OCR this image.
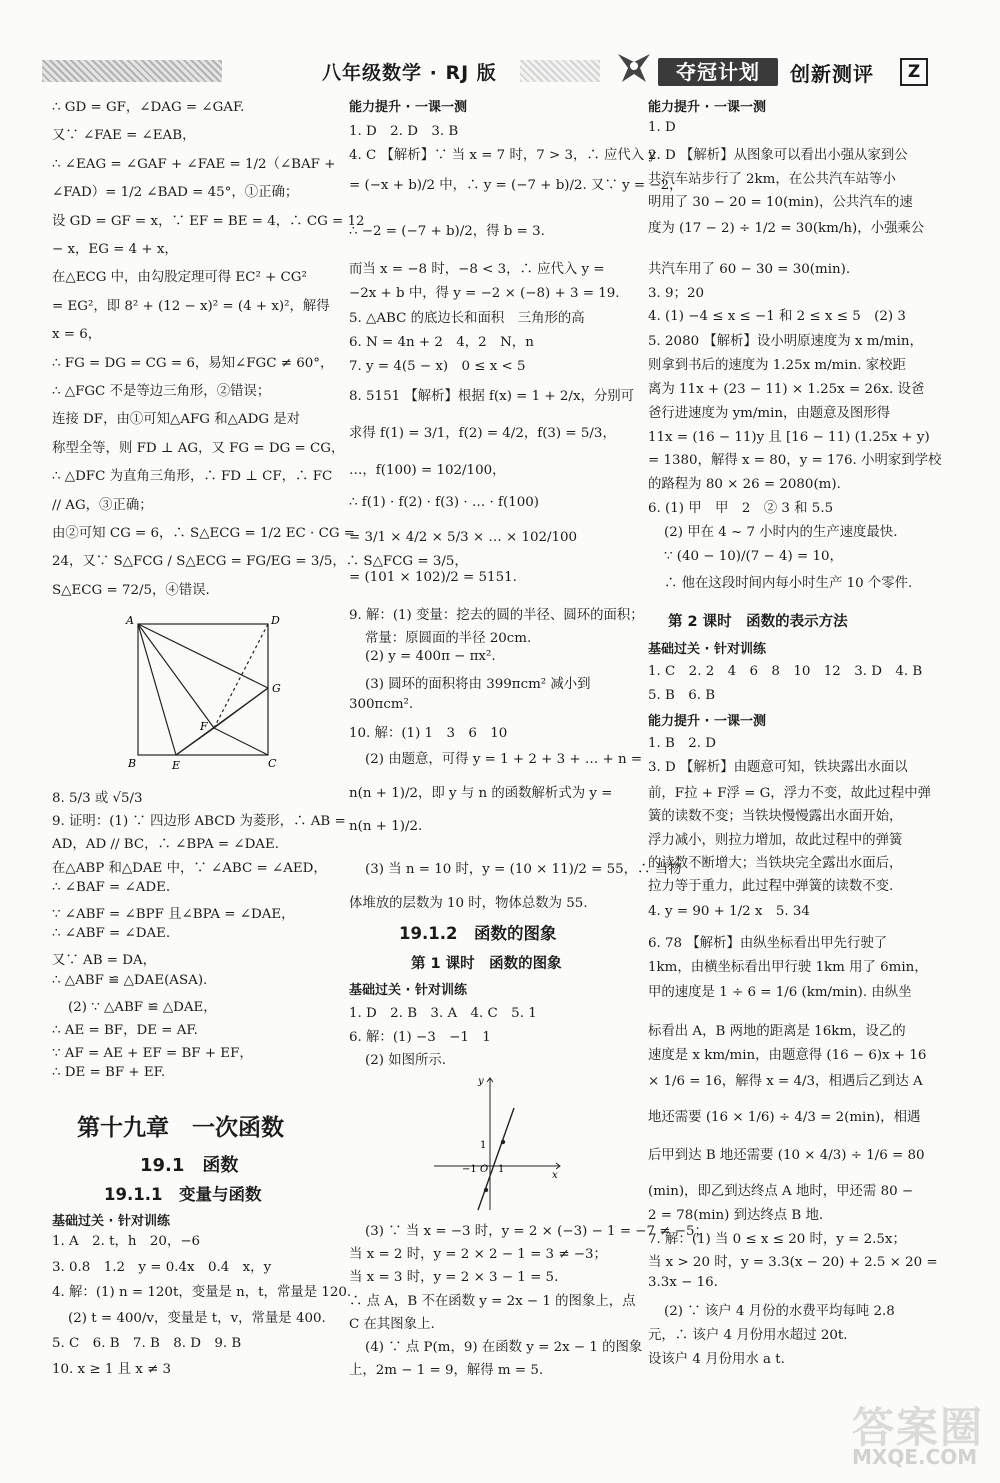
八年级数学 · RJ 版	夺冠计划	创新测评	Z
∴ GD = GF，∠DAG = ∠GAF.
又∵ ∠FAE = ∠EAB，
∴ ∠EAG = ∠GAF + ∠FAE = 1/2（∠BAF +
∠FAD）= 1/2 ∠BAD = 45°，①正确；
设 GD = GF = x，∵ EF = BE = 4，∴ CG = 12
− x，EG = 4 + x，
在△ECG 中，由勾股定理可得 EC² + CG²
= EG²，即 8² + (12 − x)² = (4 + x)²，解得
x = 6，
∴ FG = DG = CG = 6，易知∠FGC ≠ 60°，
∴ △FGC 不是等边三角形，②错误；
连接 DF，由①可知△AFG 和△ADG 是对
称型全等，则 FD ⊥ AG，又 FG = DG = CG，
∴ △DFC 为直角三角形，∴ FD ⊥ CF，∴ FC
// AG，③正确；
由②可知 CG = 6，∴ S△ECG = 1/2 EC · CG =
24，又∵ S△FCG / S△ECG = FG/EG = 3/5，∴ S△FCG = 3/5，
S△ECG = 72/5，④错误.
8. 5/3 或 √5/3
9. 证明：(1) ∵ 四边形 ABCD 为菱形，∴ AB =
AD，AD // BC，∴ ∠BPA = ∠DAE.
在△ABP 和△DAE 中，∵ ∠ABC = ∠AED，
∴ ∠BAF = ∠ADE.
∵ ∠ABF = ∠BPF 且∠BPA = ∠DAE，
∴ ∠ABF = ∠DAE.
又∵ AB = DA，
∴ △ABF ≌ △DAE(ASA).
(2) ∵ △ABF ≌ △DAE，
∴ AE = BF，DE = AF.
∵ AF = AE + EF = BF + EF，
∴ DE = BF + EF.
第十九章　一次函数
19.1　函数
19.1.1　变量与函数
基础过关 · 针对训练
1. A　2. t，h　20，−6
3. 0.8　1.2　y = 0.4x　0.4　x，y
4. 解：(1) n = 120t，变量是 n，t，常量是 120.
(2) t = 400/v，变量是 t，v，常量是 400.
5. C　6. B　7. B　8. D　9. B
10. x ≥ 1 且 x ≠ 3
能力提升 · 一课一测
1. D　2. D　3. B
4. C 【解析】∵ 当 x = 7 时，7 > 3，∴ 应代入 y
= (−x + b)/2 中，∴ y = (−7 + b)/2. 又∵ y = −2，
∴ −2 = (−7 + b)/2，得 b = 3.
而当 x = −8 时，−8 < 3，∴ 应代入 y =
−2x + b 中，得 y = −2 × (−8) + 3 = 19.
5. △ABC 的底边长和面积　三角形的高
6. N = 4n + 2　4，2　N，n
7. y = 4(5 − x)　0 ≤ x < 5
8. 5151 【解析】根据 f(x) = 1 + 2/x，分别可
求得 f(1) = 3/1，f(2) = 4/2，f(3) = 5/3，
…，f(100) = 102/100，
∴ f(1) · f(2) · f(3) · … · f(100)
= 3/1 × 4/2 × 5/3 × … × 102/100
= (101 × 102)/2 = 5151.
9. 解：(1) 变量：挖去的圆的半径、圆环的面积；
常量：原圆面的半径 20cm.
(2) y = 400π − πx².
(3) 圆环的面积将由 399πcm² 减小到
300πcm².
10. 解：(1) 1　3　6　10
(2) 由题意，可得 y = 1 + 2 + 3 + … + n =
n(n + 1)/2，即 y 与 n 的函数解析式为 y =
n(n + 1)/2.
(3) 当 n = 10 时，y = (10 × 11)/2 = 55，∴ 当物
体堆放的层数为 10 时，物体总数为 55.
19.1.2　函数的图象
第 1 课时　函数的图象
基础过关 · 针对训练
1. D　2. B　3. A　4. C　5. 1
6. 解：(1) −3　−1　1
(2) 如图所示.
(3) ∵ 当 x = −3 时，y = 2 × (−3) − 1 = −7 ≠ −5；
当 x = 2 时，y = 2 × 2 − 1 = 3 ≠ −3；
当 x = 3 时，y = 2 × 3 − 1 = 5.
∴ 点 A，B 不在函数 y = 2x − 1 的图象上，点
C 在其图象上.
(4) ∵ 点 P(m，9) 在函数 y = 2x − 1 的图象
上，2m − 1 = 9，解得 m = 5.
能力提升 · 一课一测
1. D
2. D 【解析】从图象可以看出小强从家到公
共汽车站步行了 2km，在公共汽车站等小
明用了 30 − 20 = 10(min)，公共汽车的速
度为 (17 − 2) ÷ 1/2 = 30(km/h)，小强乘公
共汽车用了 60 − 30 = 30(min).
3. 9；20
4. (1) −4 ≤ x ≤ −1 和 2 ≤ x ≤ 5　(2) 3
5. 2080 【解析】设小明原速度为 x m/min，
则拿到书后的速度为 1.25x m/min. 家校距
离为 11x + (23 − 11) × 1.25x = 26x. 设爸
爸行进速度为 ym/min，由题意及图形得
11x = (16 − 11)y 且 [16 − 11) (1.25x + y)
= 1380，解得 x = 80，y = 176. 小明家到学校
的路程为 80 × 26 = 2080(m).
6. (1) 甲　甲　2　② 3 和 5.5
(2) 甲在 4 ~ 7 小时内的生产速度最快.
∵ (40 − 10)/(7 − 4) = 10，
∴ 他在这段时间内每小时生产 10 个零件.
第 2 课时　函数的表示方法
基础过关 · 针对训练
1. C　2. 2　4　6　8　10　12　3. D　4. B
5. B　6. B
能力提升 · 一课一测
1. B　2. D
3. D 【解析】由题意可知，铁块露出水面以
前，F拉 + F浮 = G，浮力不变，故此过程中弹
簧的读数不变；当铁块慢慢露出水面开始，
浮力减小，则拉力增加，故此过程中的弹簧
的读数不断增大；当铁块完全露出水面后，
拉力等于重力，此过程中弹簧的读数不变.
4. y = 90 + 1/2 x　5. 34
6. 78 【解析】由纵坐标看出甲先行驶了
1km，由横坐标看出甲行驶 1km 用了 6min，
甲的速度是 1 ÷ 6 = 1/6 (km/min). 由纵坐
标看出 A，B 两地的距离是 16km，设乙的
速度是 x km/min，由题意得 (16 − 6)x + 16
× 1/6 = 16，解得 x = 4/3，相遇后乙到达 A
地还需要 (16 × 1/6) ÷ 4/3 = 2(min)，相遇
后甲到达 B 地还需要 (10 × 4/3) ÷ 1/6 = 80
(min)，即乙到达终点 A 地时，甲还需 80 −
2 = 78(min) 到达终点 B 地.
7. 解：(1) 当 0 ≤ x ≤ 20 时，y = 2.5x；
当 x > 20 时，y = 3.3(x − 20) + 2.5 × 20 =
3.3x − 16.
(2) ∵ 该户 4 月份的水费平均每吨 2.8
元，∴ 该户 4 月份用水超过 20t.
设该户 4 月份用水 a t.
A	D
G
F
B	E	C
y
x
1
−1 O 1
答案圈
MXQE.COM
